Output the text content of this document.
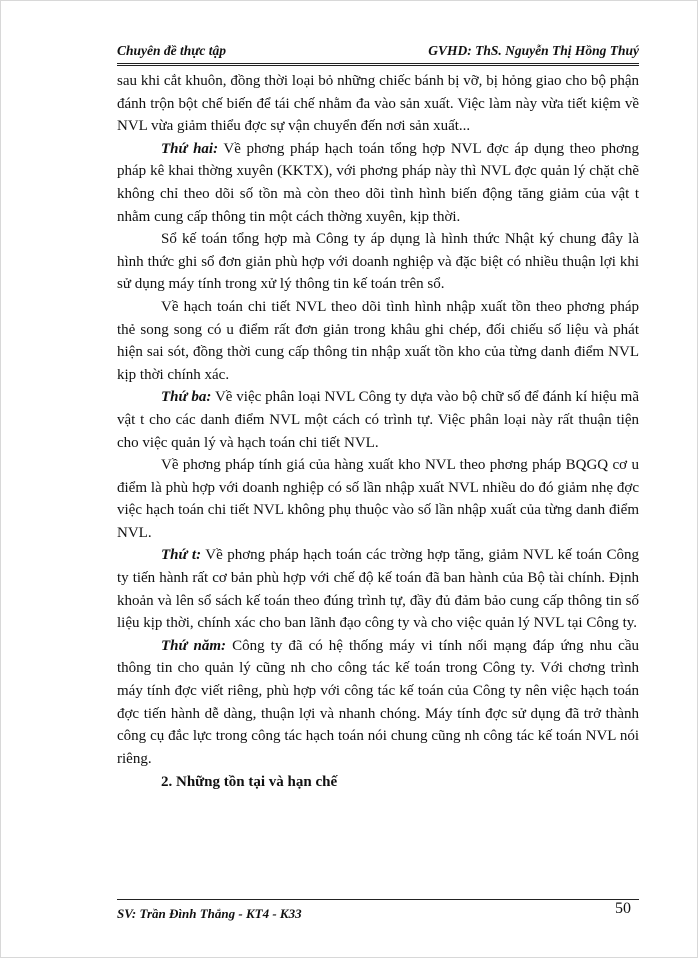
Chuyên đề thực tập	GVHD: ThS. Nguyễn Thị Hồng Thuý

sau khi cắt khuôn, đồng thời loại bỏ những chiếc bánh bị vỡ, bị hỏng giao cho bộ phận đánh trộn bột chế biến để tái chế nhằm đa vào sản xuất. Việc làm này vừa tiết kiệm về NVL vừa giảm thiểu đợc sự vận chuyển đến nơi sản xuất...

Thứ hai: Về phơng pháp hạch toán tổng hợp NVL đợc áp dụng theo phơng pháp kê khai thờng xuyên (KKTX), với phơng pháp này thì NVL đợc quản lý chặt chẽ không chỉ theo dõi số tồn mà còn theo dõi tình hình biến động tăng giảm của vật t nhằm cung cấp thông tin một cách thờng xuyên, kịp thời.

Sổ kế toán tổng hợp mà Công ty áp dụng là hình thức Nhật ký chung đây là hình thức ghi sổ đơn giản phù hợp với doanh nghiệp và đặc biệt có nhiều thuận lợi khi sử dụng máy tính trong xử lý thông tin kế toán trên sổ.

Về hạch toán chi tiết NVL theo dõi tình hình nhập xuất tồn theo phơng pháp thẻ song song có u điểm rất đơn giản trong khâu ghi chép, đối chiếu số liệu và phát hiện sai sót, đồng thời cung cấp thông tin nhập xuất tồn kho của từng danh điểm NVL kịp thời chính xác.

Thứ ba: Về việc phân loại NVL Công ty dựa vào bộ chữ số để đánh kí hiệu mã vật t cho các danh điểm NVL một cách có trình tự. Việc phân loại này rất thuận tiện cho việc quản lý và hạch toán chi tiết NVL.

Về phơng pháp tính giá của hàng xuất kho NVL theo phơng pháp BQGQ cơ u điểm là phù hợp với doanh nghiệp có số lần nhập xuất NVL nhiều do đó giảm nhẹ đợc việc hạch toán chi tiết NVL không phụ thuộc vào số lần nhập xuất của từng danh điểm NVL.

Thứ t: Về phơng pháp hạch toán các trờng hợp tăng, giảm NVL kế toán Công ty tiến hành rất cơ bản phù hợp với chế độ kế toán đã ban hành của Bộ tài chính. Định khoản và lên sổ sách kế toán theo đúng trình tự, đầy đủ đảm bảo cung cấp thông tin số liệu kịp thời, chính xác cho ban lãnh đạo công ty và cho việc quản lý NVL tại Công ty.

Thứ năm: Công ty đã có hệ thống máy vi tính nối mạng đáp ứng nhu cầu thông tin cho quản lý cũng nh cho công tác kế toán trong Công ty. Với chơng trình máy tính đợc viết riêng, phù hợp với công tác kế toán của Công ty nên việc hạch toán đợc tiến hành dễ dàng, thuận lợi và nhanh chóng. Máy tính đợc sử dụng đã trở thành công cụ đắc lực trong công tác hạch toán nói chung cũng nh công tác kế toán NVL nói riêng.

2. Những tồn tại và hạn chế
SV: Trần Đình Thắng - KT4 - K33	50
